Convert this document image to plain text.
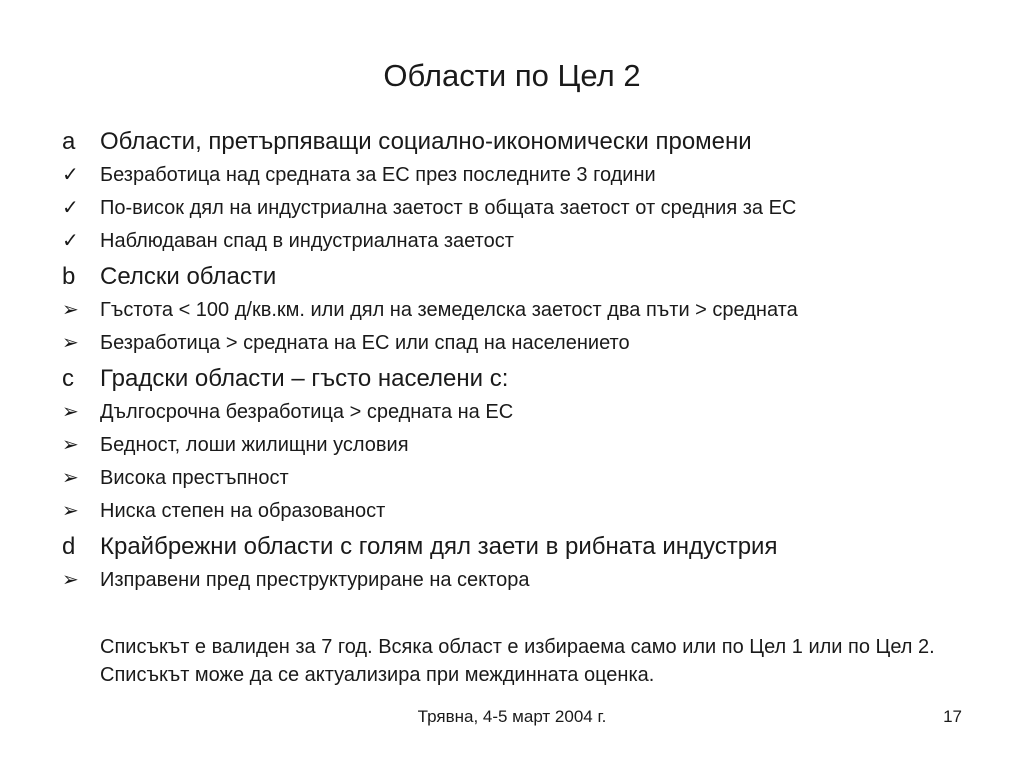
Области по Цел 2
a Области, претърпяващи социално-икономически промени
✓ Безработица над средната за ЕС през последните 3 години
✓ По-висок дял на индустриална заетост в общата заетост от средния за ЕС
✓ Наблюдаван спад в индустриалната заетост
b Селски области
➢ Гъстота < 100 д/кв.км. или дял на земеделска заетост два пъти > средната
➢ Безработица > средната на ЕС или спад на населението
c Градски области – гъсто населени с:
➢ Дългосрочна безработица > средната на ЕС
➢ Бедност, лоши жилищни условия
➢ Висока престъпност
➢ Ниска степен на образованост
d Крайбрежни области с голям дял заети в рибната индустрия
➢ Изправени пред преструктуриране на сектора
Списъкът е валиден за 7 год. Всяка област е избираема само или по Цел 1 или по Цел 2. Списъкът може да се актуализира при междинната оценка.
Трявна, 4-5 март 2004 г.	17
